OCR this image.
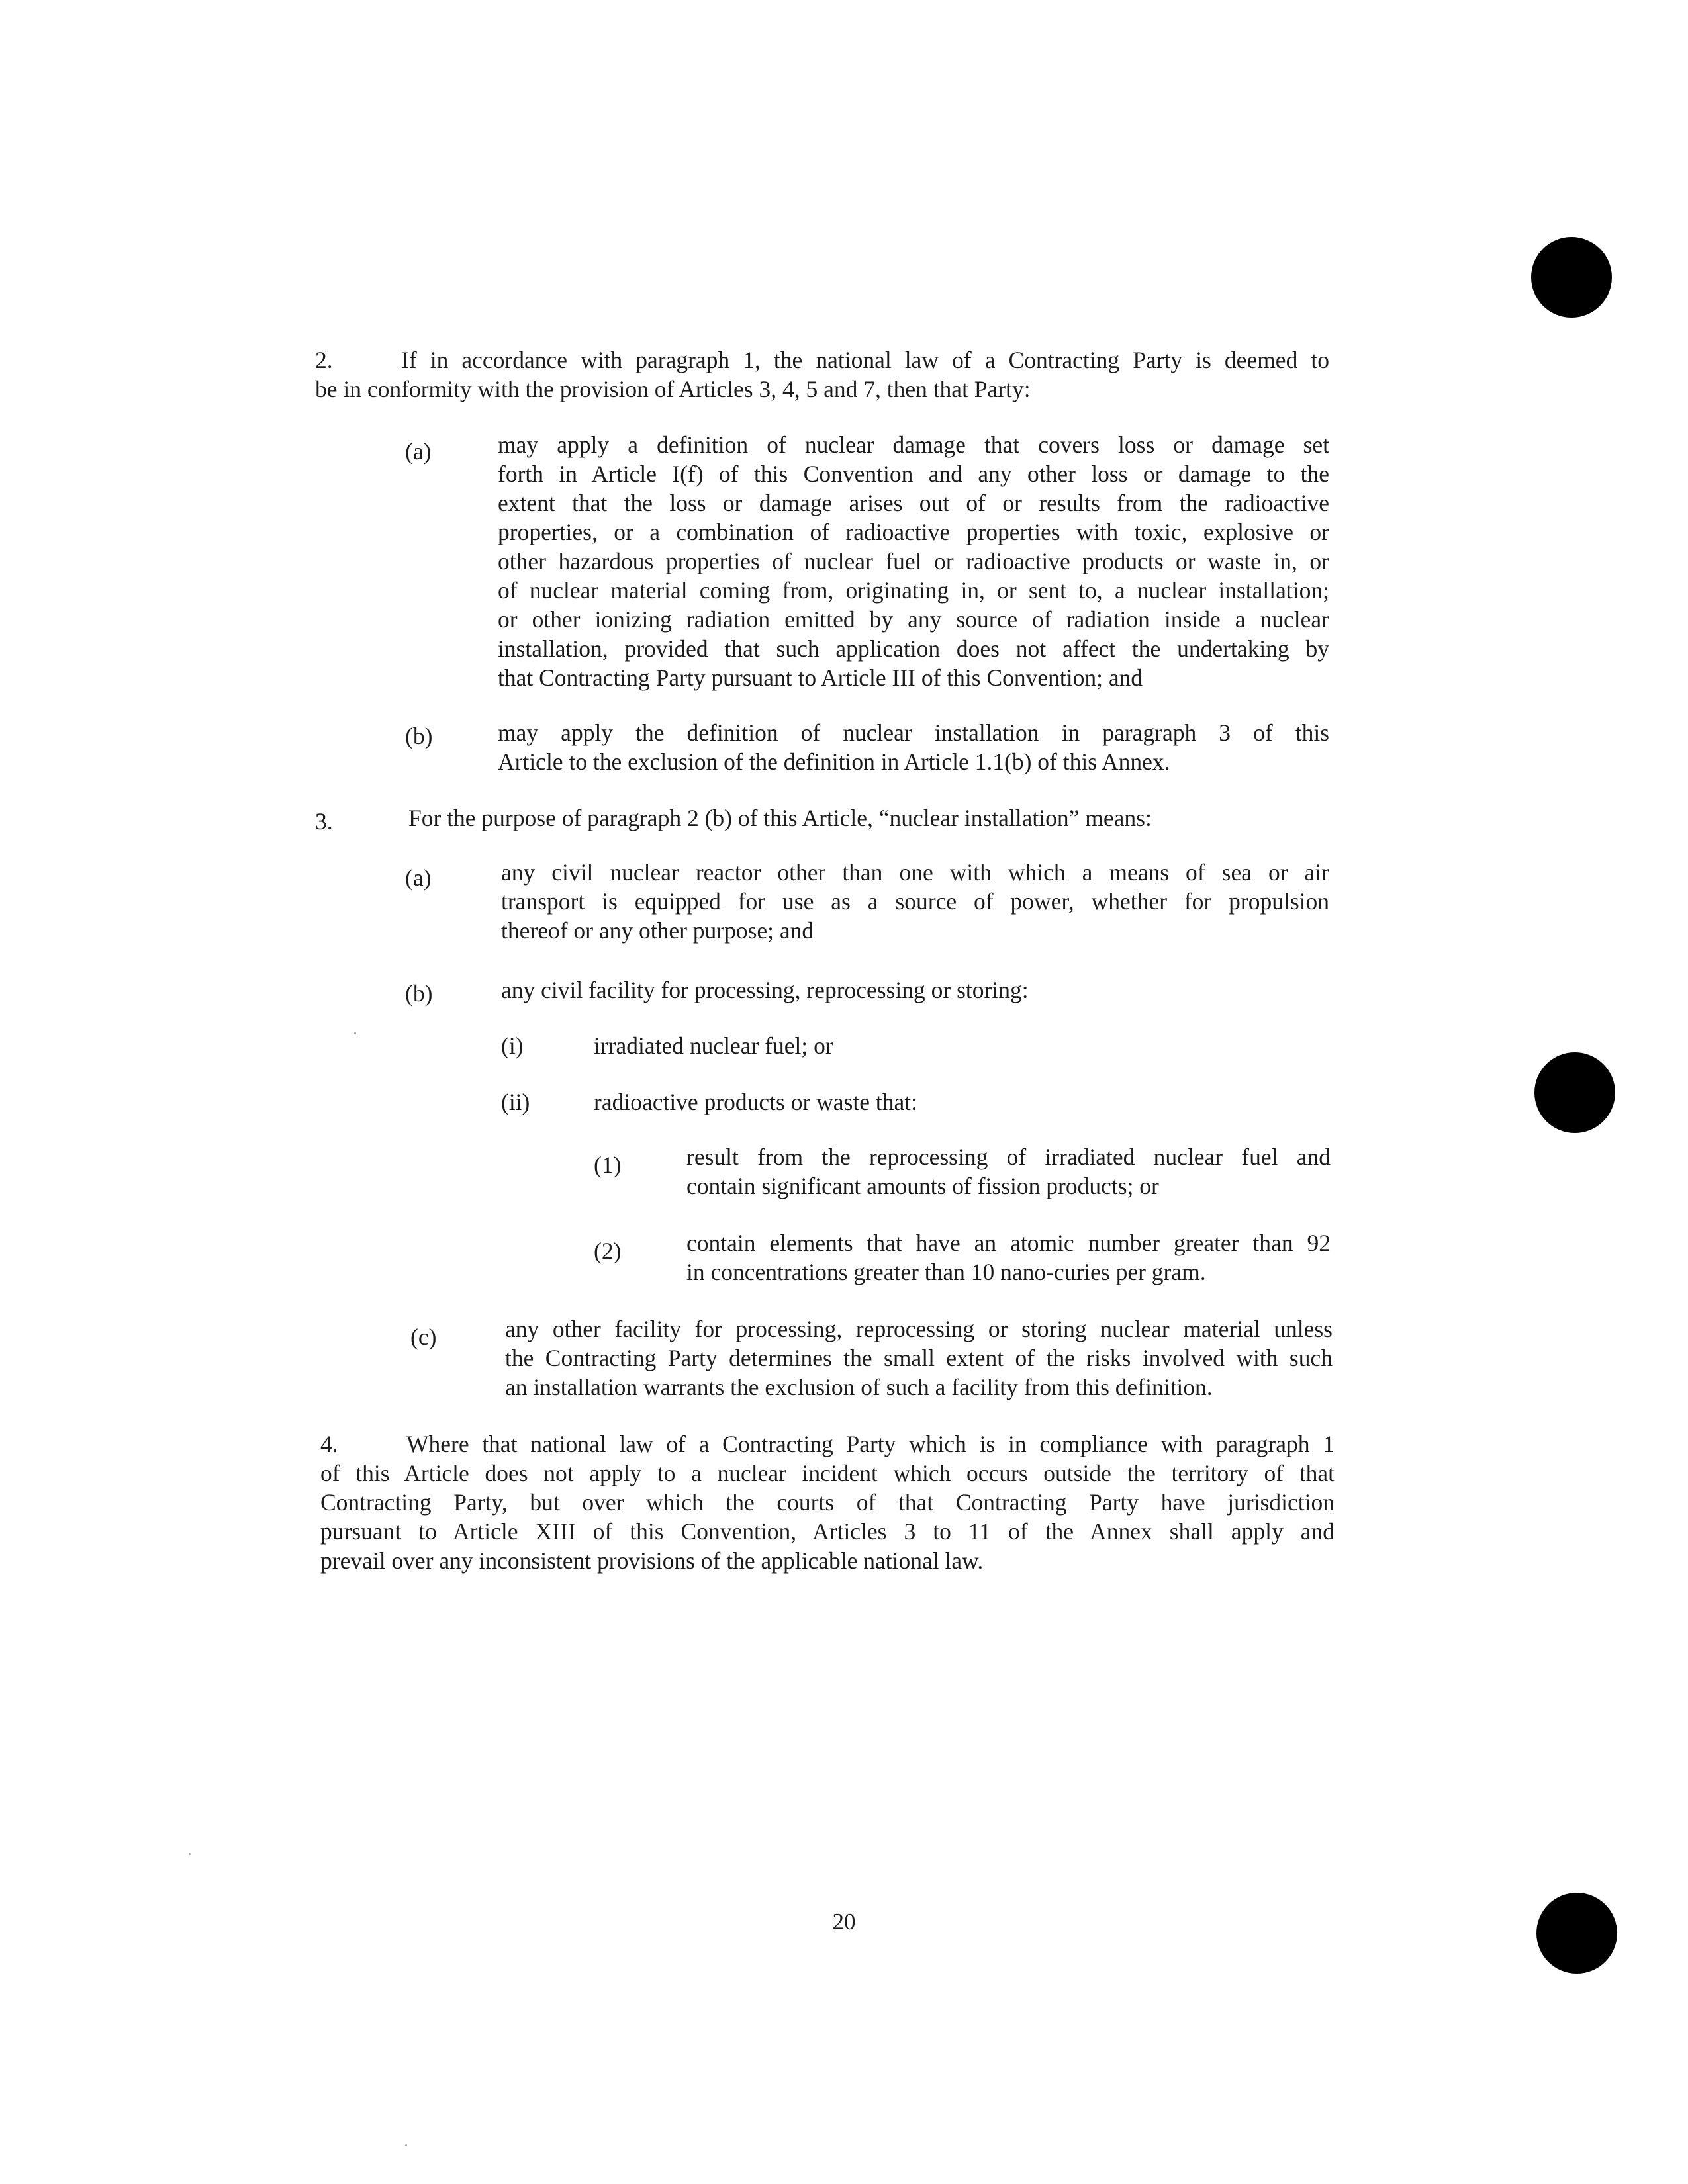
2.	If in accordance with paragraph 1, the national law of a Contracting Party is deemed to
be in conformity with the provision of Articles 3, 4, 5 and 7, then that Party:
(a)	may apply a definition of nuclear damage that covers loss or damage set
forth in Article I(f) of this Convention and any other loss or damage to the
extent that the loss or damage arises out of or results from the radioactive
properties, or a combination of radioactive properties with toxic, explosive or
other hazardous properties of nuclear fuel or radioactive products or waste in, or
of nuclear material coming from, originating in, or sent to, a nuclear installation;
or other ionizing radiation emitted by any source of radiation inside a nuclear
installation, provided that such application does not affect the undertaking by
that Contracting Party pursuant to Article III of this Convention; and
(b)	may apply the definition of nuclear installation in paragraph 3 of this
Article to the exclusion of the definition in Article 1.1(b) of this Annex.
3.	For the purpose of paragraph 2 (b) of this Article, “nuclear installation” means:
(a)	any civil nuclear reactor other than one with which a means of sea or air
transport is equipped for use as a source of power, whether for propulsion
thereof or any other purpose; and
(b)	any civil facility for processing, reprocessing or storing:
(i)	irradiated nuclear fuel; or
(ii)	radioactive products or waste that:
(1)	result from the reprocessing of irradiated nuclear fuel and
contain significant amounts of fission products; or
(2)	contain elements that have an atomic number greater than 92
in concentrations greater than 10 nano-curies per gram.
(c)	any other facility for processing, reprocessing or storing nuclear material unless
the Contracting Party determines the small extent of the risks involved with such
an installation warrants the exclusion of such a facility from this definition.
4.	Where that national law of a Contracting Party which is in compliance with paragraph 1
of this Article does not apply to a nuclear incident which occurs outside the territory of that
Contracting Party, but over which the courts of that Contracting Party have jurisdiction
pursuant to Article XIII of this Convention, Articles 3 to 11 of the Annex shall apply and
prevail over any inconsistent provisions of the applicable national law.
20
